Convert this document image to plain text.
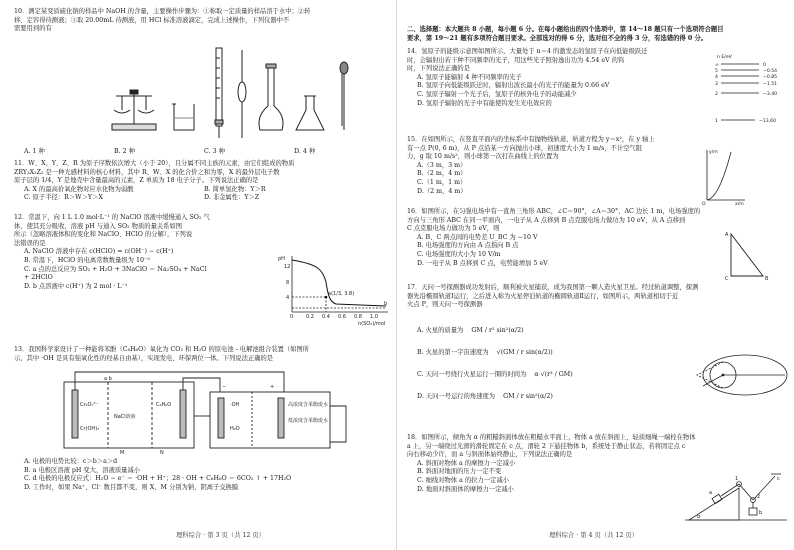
10．测定某变质硫化钠的样品中 NaOH 的含量，主要操作步骤为：①称取一定质量的样品溶于水中；②转
移、定容得待测液；③取 20.00mL 待测液，用 HCl 标准溶液滴定，完成上述操作，下列仪器中不
需要用到的有
A. 1 种	B. 2 种	C. 3 种	D. 4 种
11．W、X、Y、Z、R 为原子序数依次增大（小于 20），且分属不同主族的元素，由它们组成的物质
ZRY₃X₂Z₂ 是一种光感材料的核心材料，其中 R、W、X 的化合价之和为零，X 的最外层电子数
原子层的 1/4，Y 是地壳中含量最高的元素，Z 单质为 18 电子分子。下列说法正确的是
A. X 的最高价氧化物对应水化物为弱酸	B. 简单氢化物：Y＞R
C. 原子半径：R＞W＞Y＞X	D. 非金属性：Y＞Z
12．常温下，向 1 L 1.0 mol·L⁻¹ 的 NaClO 溶液中缓慢通入 SO₂ 气
体，使其充分吸收，溶液 pH 与通入 SO₂ 物质的量关系如图
所示（忽略溶液体积的变化和 NaClO、HClO 的分解），下列说
法错误的是
A. NaClO 溶液中存在 c(HClO) = c(OH⁻) − c(H⁺)
B. 常温下，HClO 的电离常数数量级为 10⁻⁵
C. a 点的总反应为 SO₂ + H₂O + 3NaClO ＝ Na₂SO₄ + NaCl
+ 2HClO
D. b 点溶液中 c(H⁺) 为 2 mol · L⁻¹
pH
12
8
4
a(1/3, 3.8)
b
0	0.2 0.4 0.6 0.8 1.0
n(SO₂)/mol
13．我国科学家设计了一种能将苯酚（C₆H₆O）氧化为 CO₂ 和 H₂O 的原电池 - 电解池组合装置（如图所
示，其中 ·OH 是具有强氧化性的羟基自由基），实现发电、环保两位一体。下列说法正确的是
Cr₂O₇²⁻
Cr(OH)₃
C₆H₆O
NaCl溶液
a b
·OH
H₂O
M	N
高浓度含苯酚废水
低浓度含苯酚废水
+
−
A. 电极的电势比较：c＞b＞a＞d
B. a 电极区溶液 pH 变大，溶液质量减小
C. d 电极的电极反应式：H₂O − e⁻ ＝ ·OH + H⁺；28 · OH + C₆H₆O ＝ 6CO₂ ↑ + 17H₂O
D. 工作时，如果 Na⁺、Cl⁻ 数目都不变，则 X、M 分别为钠、阴离子交换膜
理科综合 · 第 3 页（共 12 页）
二、选择题：本大题共 8 小题，每小题 6 分。在每小题给出的四个选项中，第 14～18 题只有一个选项符合题目
要求，第 19～21 题有多项符合题目要求。全部选对的得 6 分，选对但不全的得 3 分，有选错的得 0 分。
14．氢原子的能级示意图如图所示，大量处于 n＝4 的激发态的氢原子在向低能级跃迁
时，会辐射出若干种不同频率的光子，用这些光子照射逸出功为 4.54 eV 的钨
时，下列说法正确的是
A. 氢原子能辐射 4 种不同频率的光子
B. 氢原子向低能级跃迁时，辐射出波长最小的光子的能量为 0.66 eV
C. 氢原子辐射一个光子后，氢原子的核外电子的动能减少
D. 氢原子辐射的光子中有能使钨发生光电效应的
n E/eV
∞	0
5	−0.54
4	−0.85
3	−1.51
2	−3.40
1	−13.60
15．在如图所示，在竖直平面内的坐标系中有抛物线轨道，轨道方程为 y＝x²，在 y 轴上
有一点 P(0, 6 m)，从 P 点沿某一方向抛出小球，初速度大小为 1 m/s，不计空气阻
力，g 取 10 m/s²，则小球第一次打在曲线上的位置为
A.（3 m，3 m）
B.（2 m，4 m）
C.（1 m，1 m）
D.（2 m，4 m）
y/m
x/m
O
16．如图所示，在匀强电场中有一直角三角形 ABC，∠C＝90°，∠A＝30°，AC 边长 1 m，电场强度的
方向与三角形 ABC 在同一平面内，一电子从 A 点移到 B 点克服电场力做功为 10 eV，从 A 点移到
C 点克服电场力做功为 5 eV，则
A. B、C 两点间的电势差 U_BC 为 −10 V
B. 电场强度的方向由 A 点指向 B 点
C. 电场强度的大小为 10 V/m
D. 一电子从 B 点移到 C 点，电势能增加 5 eV
A
C	B
17．天问一号探测器成功发射后，顺利被火星捕获，成为我国第一颗人造火星卫星。经过轨道调整，探测
器先沿椭圆轨道Ⅰ运行，之后进入称为火星停泊轨道的椭圆轨道Ⅱ运行，如图所示，两轨道相切于近
火点 P，则天问一号探测器
A. 火星的质量为 GM / r² sin²(α/2)
B. 火星的第一宇宙速度为 √(GM / r sin(α/2))
C. 天问一号绕行火星运行一圈的时间为 α √(r³ / GM)
D. 天问一号运行的角速度为 GM / r sin²(α/2)
18．如图所示，倾角为 α 的粗糙斜面体放在粗糙水平面上，物体 a 放在斜面上，轻质细绳一端栓在物体
a 上，另一端绕过光滑的滑轮固定在 c 点，滑轮 2 下悬挂物体 b，系统处于静止状态，若将固定点 c
向右移动少许，而 a 与斜面体始终静止，下列说法正确的是
A. 斜面对物体 a 的摩擦力一定减小
B. 斜面对地面的压力一定不变
C. 细线对物体 a 的拉力一定减小
D. 地面对斜面体的摩擦力一定减小
1
2
a
b
c
α
理科综合 · 第 4 页（共 12 页）
